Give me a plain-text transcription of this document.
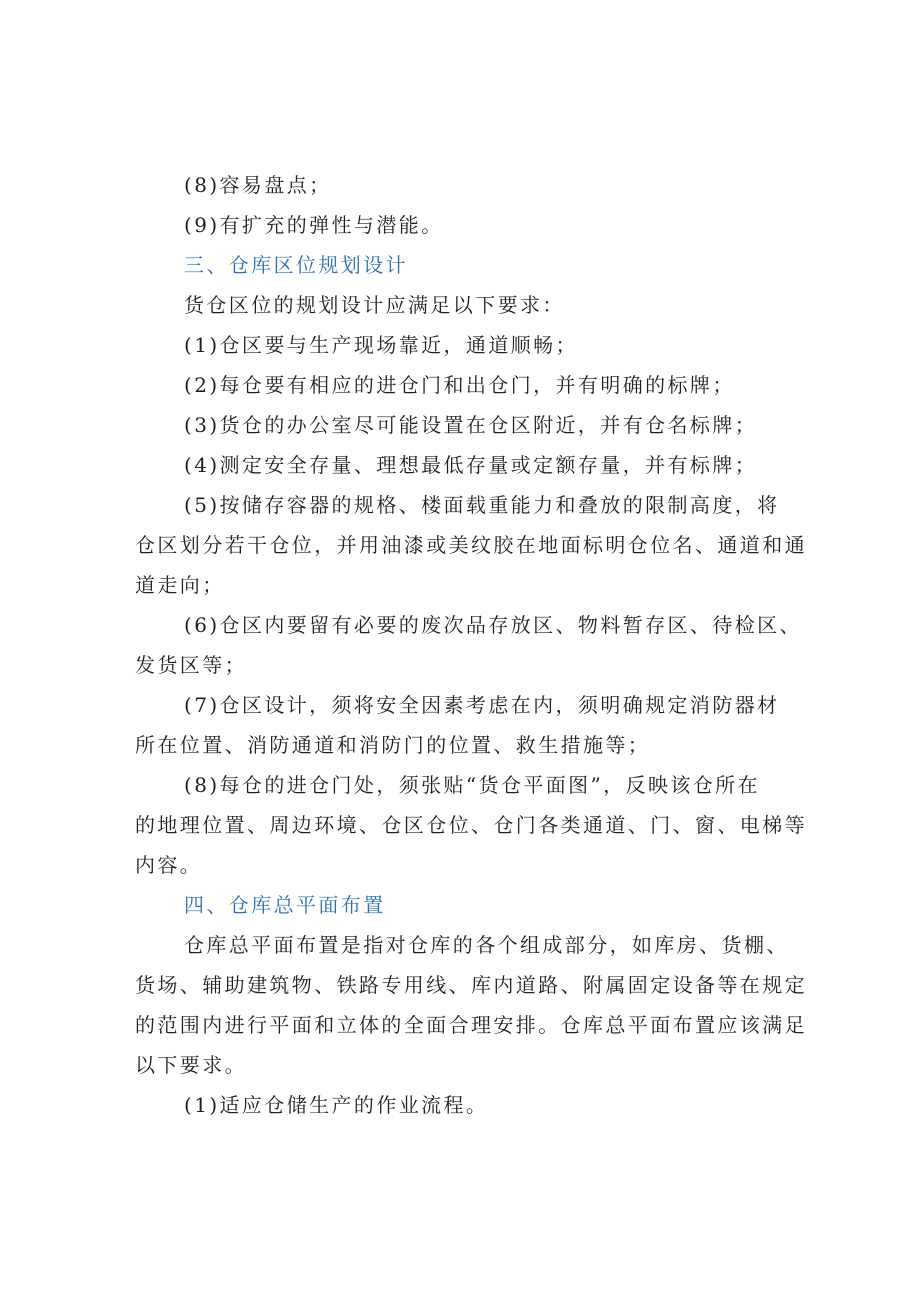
(8)容易盘点；

(9)有扩充的弹性与潜能。

三、仓库区位规划设计

货仓区位的规划设计应满足以下要求：

(1)仓区要与生产现场靠近，通道顺畅；

(2)每仓要有相应的进仓门和出仓门，并有明确的标牌；

(3)货仓的办公室尽可能设置在仓区附近，并有仓名标牌；

(4)测定安全存量、理想最低存量或定额存量，并有标牌；

(5)按储存容器的规格、楼面载重能力和叠放的限制高度，将

仓区划分若干仓位，并用油漆或美纹胶在地面标明仓位名、通道和通

道走向；

(6)仓区内要留有必要的废次品存放区、物料暂存区、待检区、

发货区等；

(7)仓区设计，须将安全因素考虑在内，须明确规定消防器材

所在位置、消防通道和消防门的位置、救生措施等；

(8)每仓的进仓门处，须张贴“货仓平面图”，反映该仓所在

的地理位置、周边环境、仓区仓位、仓门各类通道、门、窗、电梯等

内容。

四、仓库总平面布置

仓库总平面布置是指对仓库的各个组成部分，如库房、货棚、

货场、辅助建筑物、铁路专用线、库内道路、附属固定设备等在规定

的范围内进行平面和立体的全面合理安排。仓库总平面布置应该满足

以下要求。

(1)适应仓储生产的作业流程。
